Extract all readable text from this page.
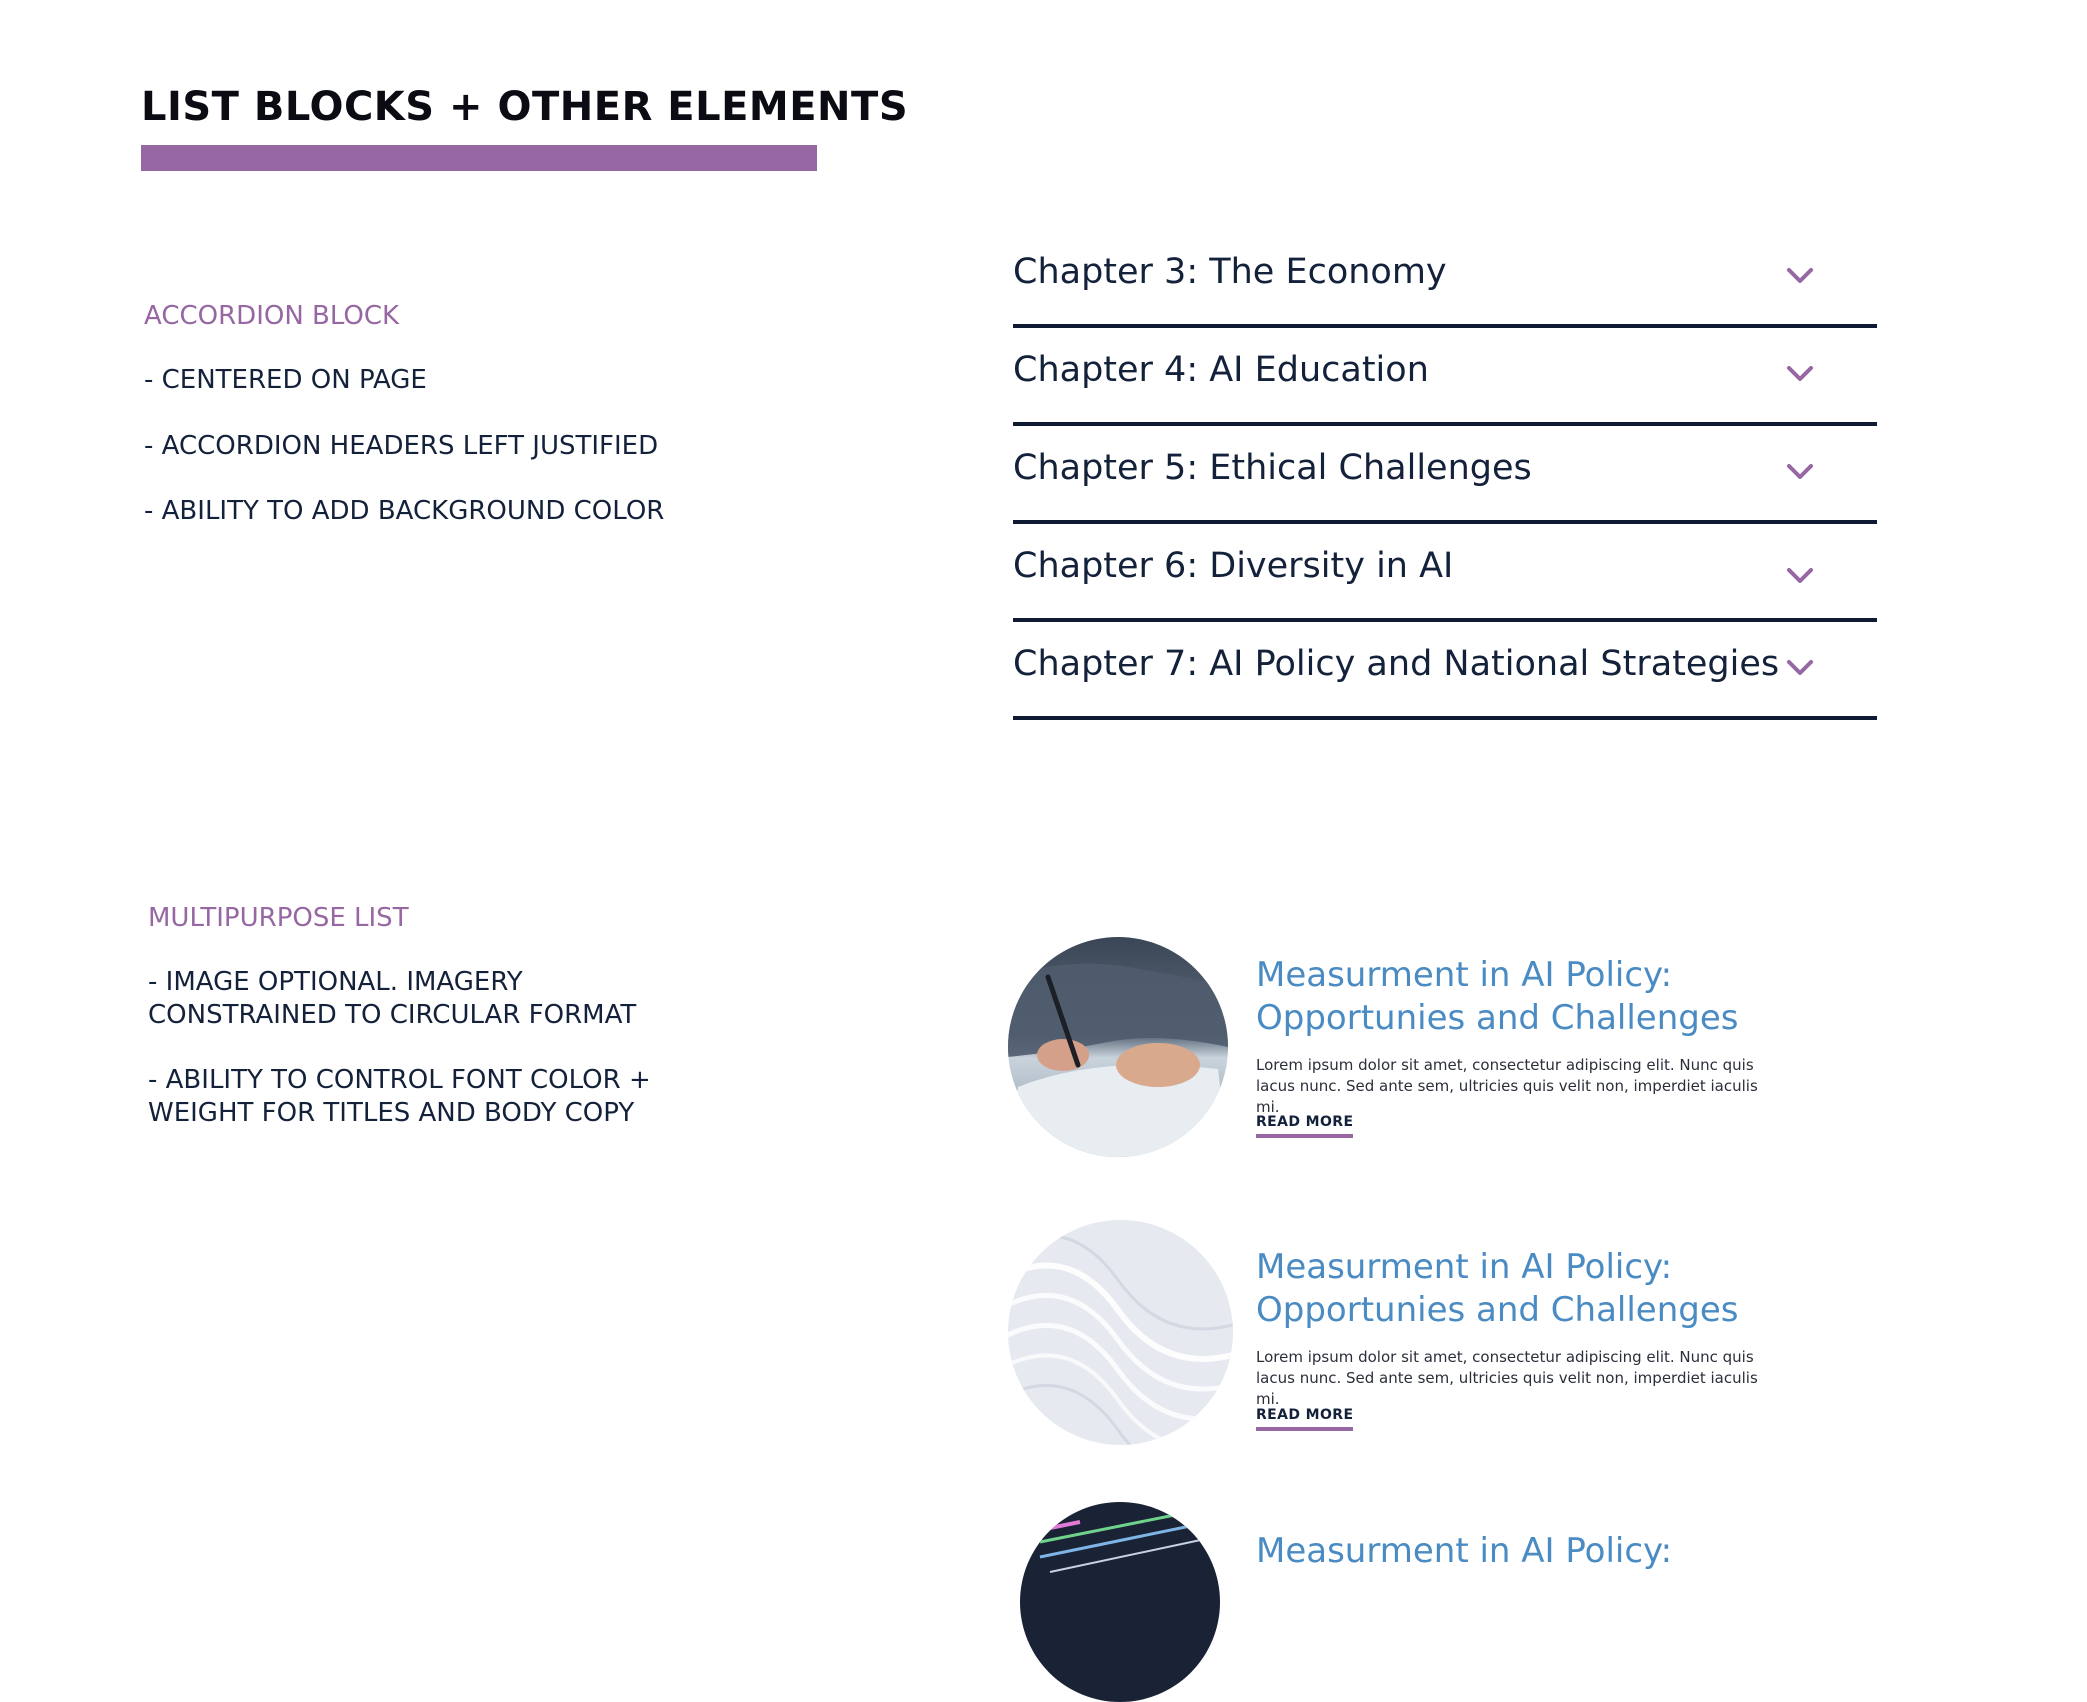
LIST BLOCKS + OTHER ELEMENTS
ACCORDION BLOCK

- CENTERED ON PAGE

- ACCORDION HEADERS LEFT JUSTIFIED

- ABILITY TO ADD BACKGROUND COLOR

Chapter 3: The Economy
Chapter 4: AI Education
Chapter 5: Ethical Challenges
Chapter 6: Diversity in AI
Chapter 7: AI Policy and National Strategies
MULTIPURPOSE LIST

- IMAGE OPTIONAL. IMAGERY

CONSTRAINED TO CIRCULAR FORMAT

- ABILITY TO CONTROL FONT COLOR +

WEIGHT FOR TITLES AND BODY COPY

Measurment in AI Policy:
Opportunies and Challenges

Lorem ipsum dolor sit amet, consectetur adipiscing elit. Nunc quis

lacus nunc. Sed ante sem, ultricies quis velit non, imperdiet iaculis mi.

READ MORE
Measurment in AI Policy:
Opportunies and Challenges

Lorem ipsum dolor sit amet, consectetur adipiscing elit. Nunc quis

lacus nunc. Sed ante sem, ultricies quis velit non, imperdiet iaculis mi.

READ MORE
Measurment in AI Policy:
